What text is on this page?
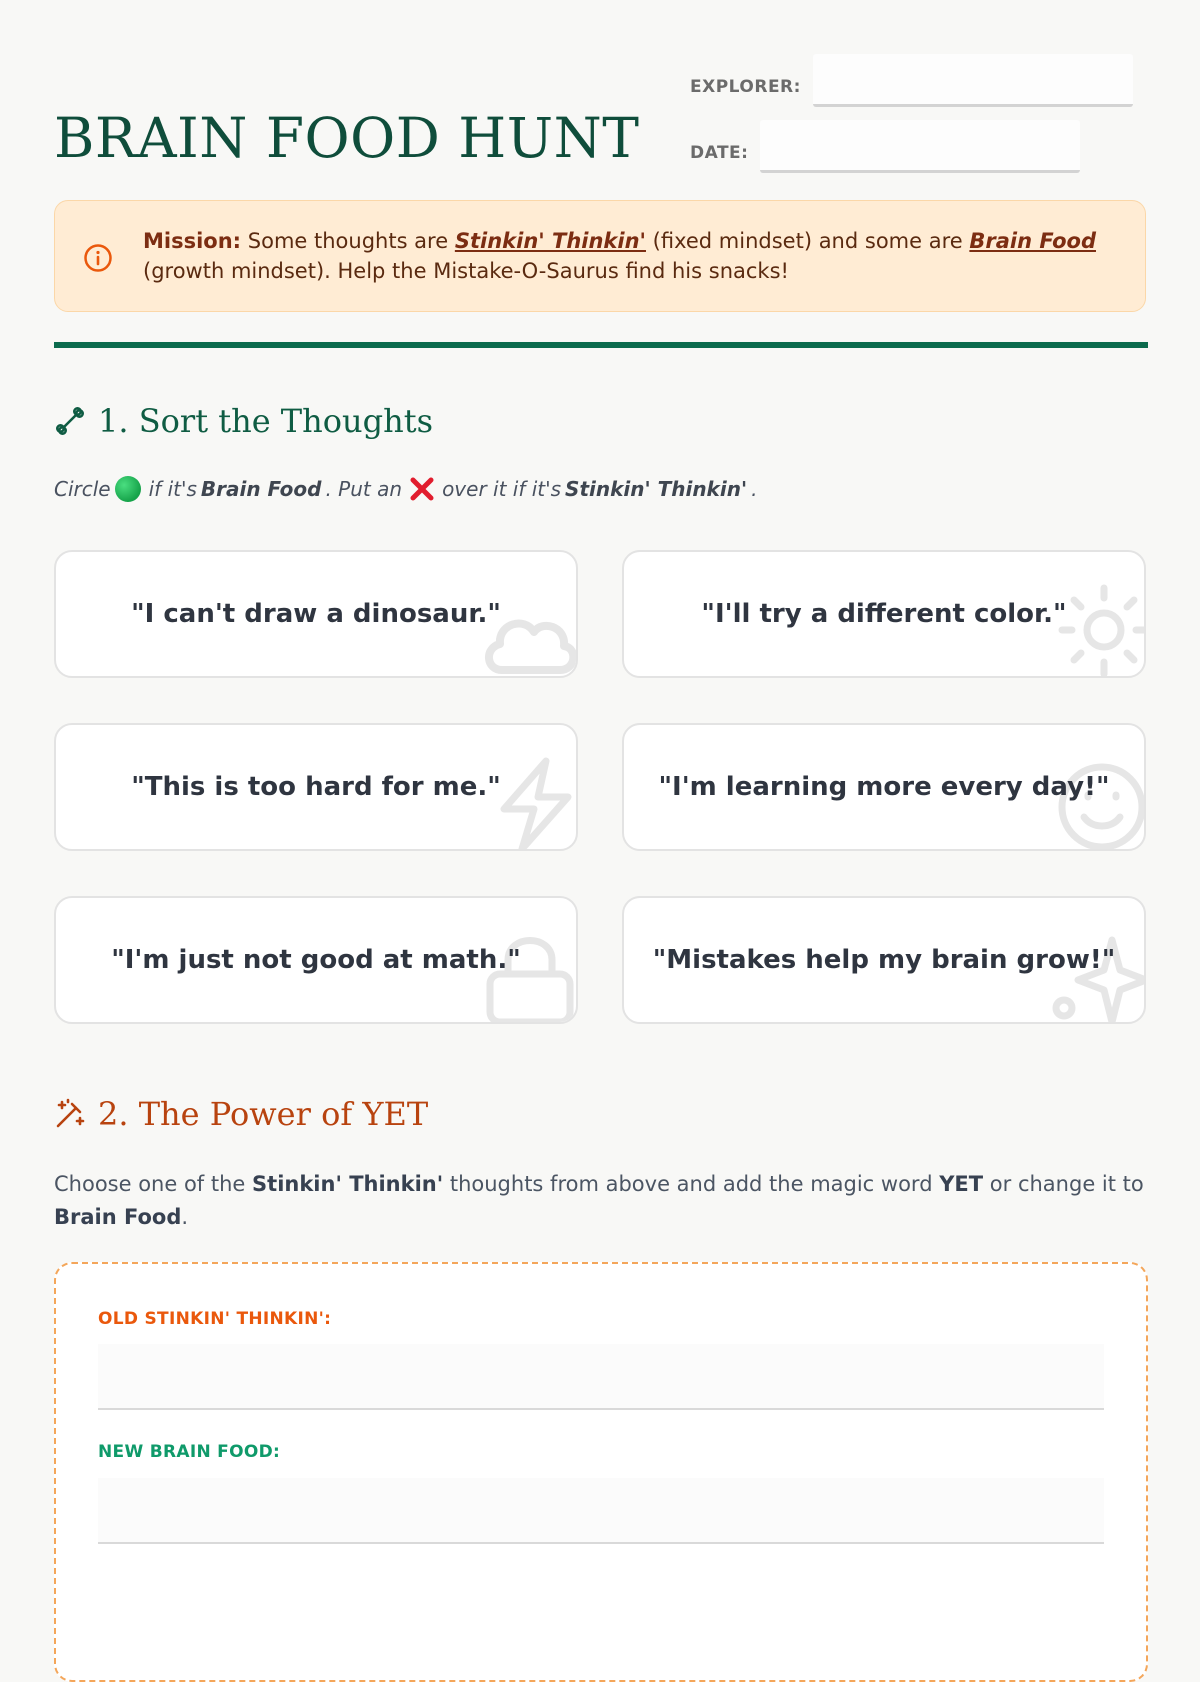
BRAIN FOOD HUNT
EXPLORER:
DATE:
Mission: Some thoughts are Stinkin' Thinkin' (fixed mindset) and some are Brain Food (growth mindset). Help the Mistake-O-Saurus find his snacks!
1. Sort the Thoughts
Circle if it's Brain Food . Put an over it if it's Stinkin' Thinkin' .
"I can't draw a dinosaur."	"I'll try a different color."
"This is too hard for me."	"I'm learning more every day!"
"I'm just not good at math."	"Mistakes help my brain grow!"
2. The Power of YET
Choose one of the Stinkin' Thinkin' thoughts from above and add the magic word YET or change it to Brain Food.
OLD STINKIN' THINKIN':
NEW BRAIN FOOD:
